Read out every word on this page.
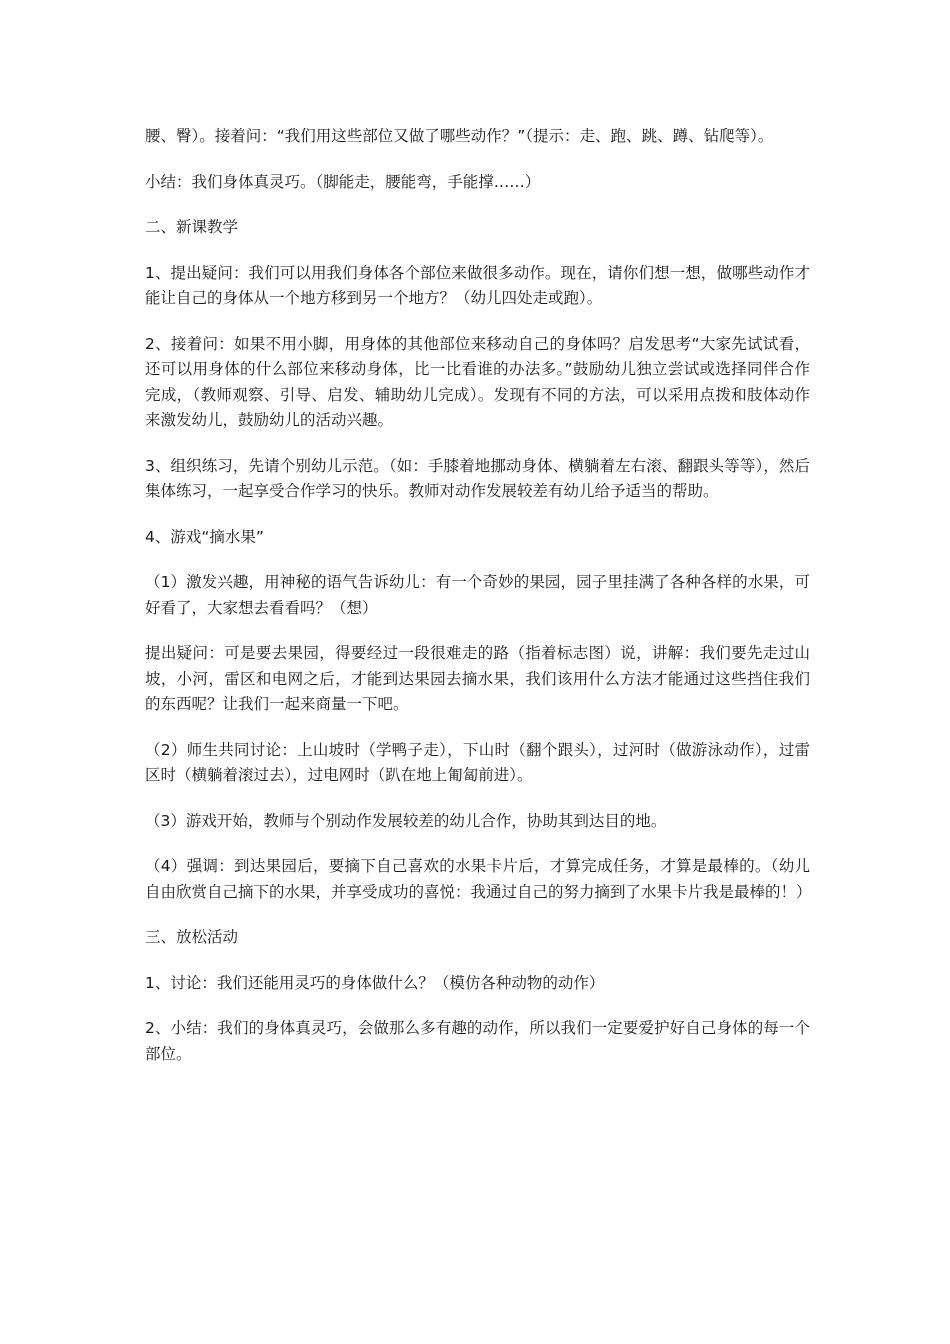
腰、臀）。接着问：“我们用这些部位又做了哪些动作？”（提示：走、跑、跳、蹲、钻爬等）。

小结：我们身体真灵巧。（脚能走，腰能弯，手能撑……）

二、新课教学

1、提出疑问：我们可以用我们身体各个部位来做很多动作。现在，请你们想一想，做哪些动作才能让自己的身体从一个地方移到另一个地方？（幼儿四处走或跑）。

2、接着问：如果不用小脚，用身体的其他部位来移动自己的身体吗？启发思考“大家先试试看，还可以用身体的什么部位来移动身体，比一比看谁的办法多。”鼓励幼儿独立尝试或选择同伴合作完成，（教师观察、引导、启发、辅助幼儿完成）。发现有不同的方法，可以采用点拨和肢体动作来激发幼儿，鼓励幼儿的活动兴趣。

3、组织练习，先请个别幼儿示范。（如：手膝着地挪动身体、横躺着左右滚、翻跟头等等），然后集体练习，一起享受合作学习的快乐。教师对动作发展较差有幼儿给予适当的帮助。

4、游戏“摘水果”

（1）激发兴趣，用神秘的语气告诉幼儿：有一个奇妙的果园，园子里挂满了各种各样的水果，可好看了，大家想去看看吗？（想）

提出疑问：可是要去果园，得要经过一段很难走的路（指着标志图）说，讲解：我们要先走过山坡，小河，雷区和电网之后，才能到达果园去摘水果，我们该用什么方法才能通过这些挡住我们的东西呢？让我们一起来商量一下吧。

（2）师生共同讨论：上山坡时（学鸭子走），下山时（翻个跟头），过河时（做游泳动作），过雷区时（横躺着滚过去），过电网时（趴在地上匍匐前进）。

（3）游戏开始，教师与个别动作发展较差的幼儿合作，协助其到达目的地。

（4）强调：到达果园后，要摘下自己喜欢的水果卡片后，才算完成任务，才算是最棒的。（幼儿自由欣赏自己摘下的水果，并享受成功的喜悦：我通过自己的努力摘到了水果卡片我是最棒的！）

三、放松活动

1、讨论：我们还能用灵巧的身体做什么？（模仿各种动物的动作）

2、小结：我们的身体真灵巧，会做那么多有趣的动作，所以我们一定要爱护好自己身体的每一个部位。
